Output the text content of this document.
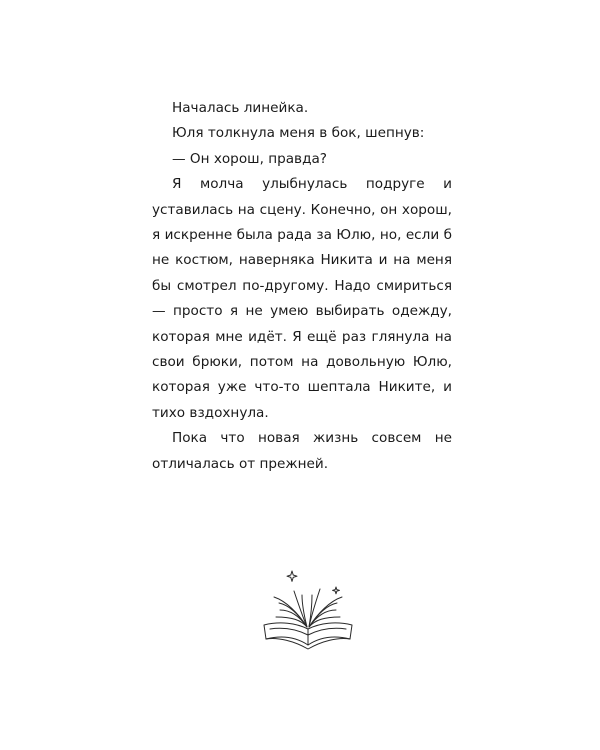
Началась линейка.

Юля толкнула меня в бок, шепнув:

— Он хорош, правда?

Я молча улыбнулась подруге и уставилась на сцену. Конечно, он хорош, я искренне была рада за Юлю, но, если б не костюм, наверняка Никита и на меня бы смотрел по-другому. Надо смириться — просто я не умею выбирать одежду, которая мне идёт. Я ещё раз глянула на свои брюки, потом на довольную Юлю, которая уже что-то шептала Никите, и тихо вздохнула.

Пока что новая жизнь совсем не отличалась от прежней.
